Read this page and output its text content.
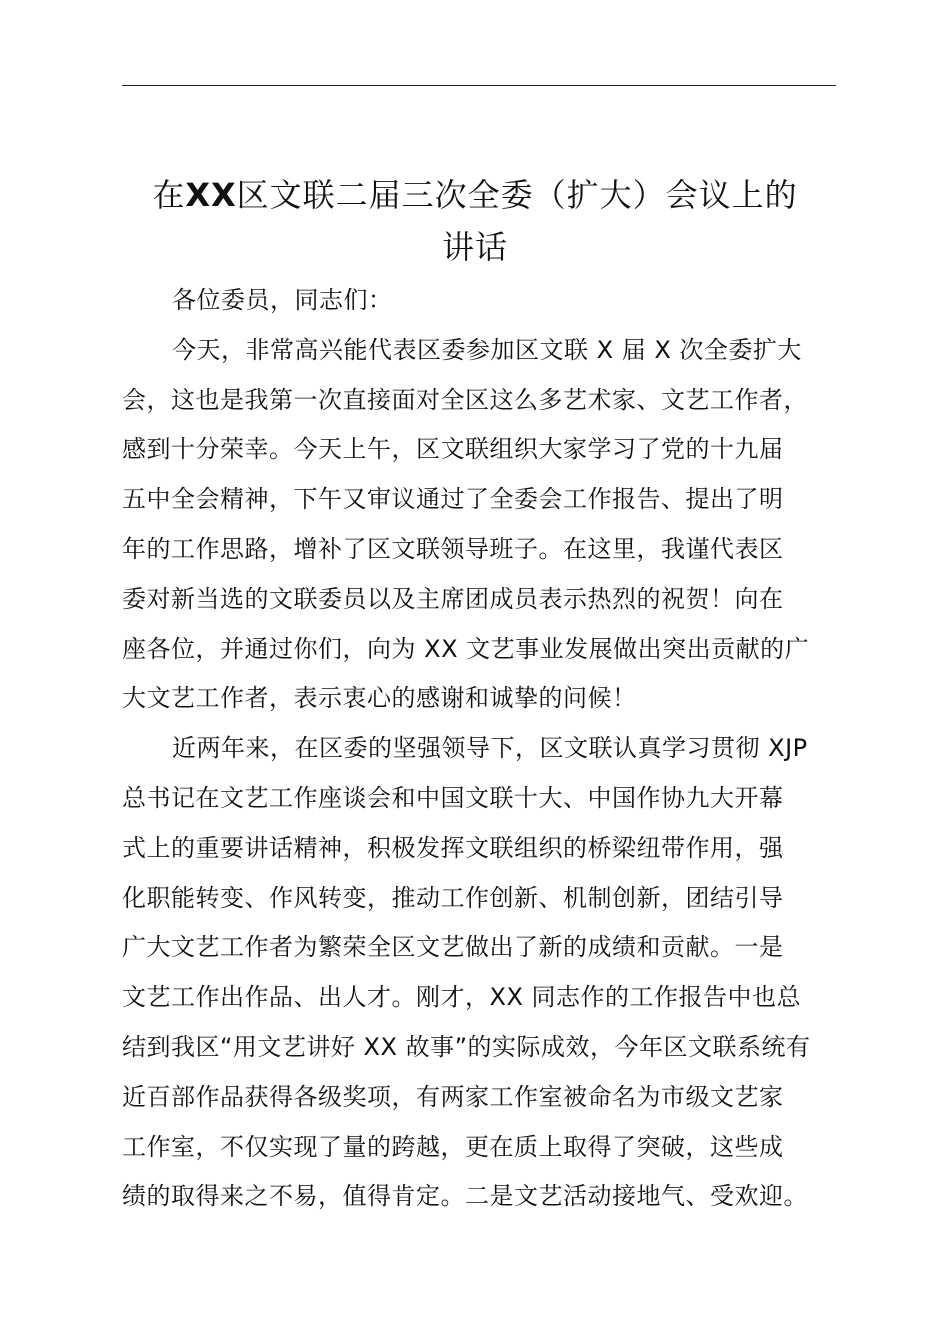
在XX区文联二届三次全委（扩大）会议上的
讲话
各位委员，同志们：
今天，非常高兴能代表区委参加区文联 X 届 X 次全委扩大
会，这也是我第一次直接面对全区这么多艺术家、文艺工作者，
感到十分荣幸。今天上午，区文联组织大家学习了党的十九届
五中全会精神，下午又审议通过了全委会工作报告、提出了明
年的工作思路，增补了区文联领导班子。在这里，我谨代表区
委对新当选的文联委员以及主席团成员表示热烈的祝贺！向在
座各位，并通过你们，向为 XX 文艺事业发展做出突出贡献的广
大文艺工作者，表示衷心的感谢和诚挚的问候！
近两年来，在区委的坚强领导下，区文联认真学习贯彻 XJP
总书记在文艺工作座谈会和中国文联十大、中国作协九大开幕
式上的重要讲话精神，积极发挥文联组织的桥梁纽带作用，强
化职能转变、作风转变，推动工作创新、机制创新，团结引导
广大文艺工作者为繁荣全区文艺做出了新的成绩和贡献。一是
文艺工作出作品、出人才。刚才，XX 同志作的工作报告中也总
结到我区“用文艺讲好 XX 故事”的实际成效，今年区文联系统有
近百部作品获得各级奖项，有两家工作室被命名为市级文艺家
工作室，不仅实现了量的跨越，更在质上取得了突破，这些成
绩的取得来之不易，值得肯定。二是文艺活动接地气、受欢迎。
